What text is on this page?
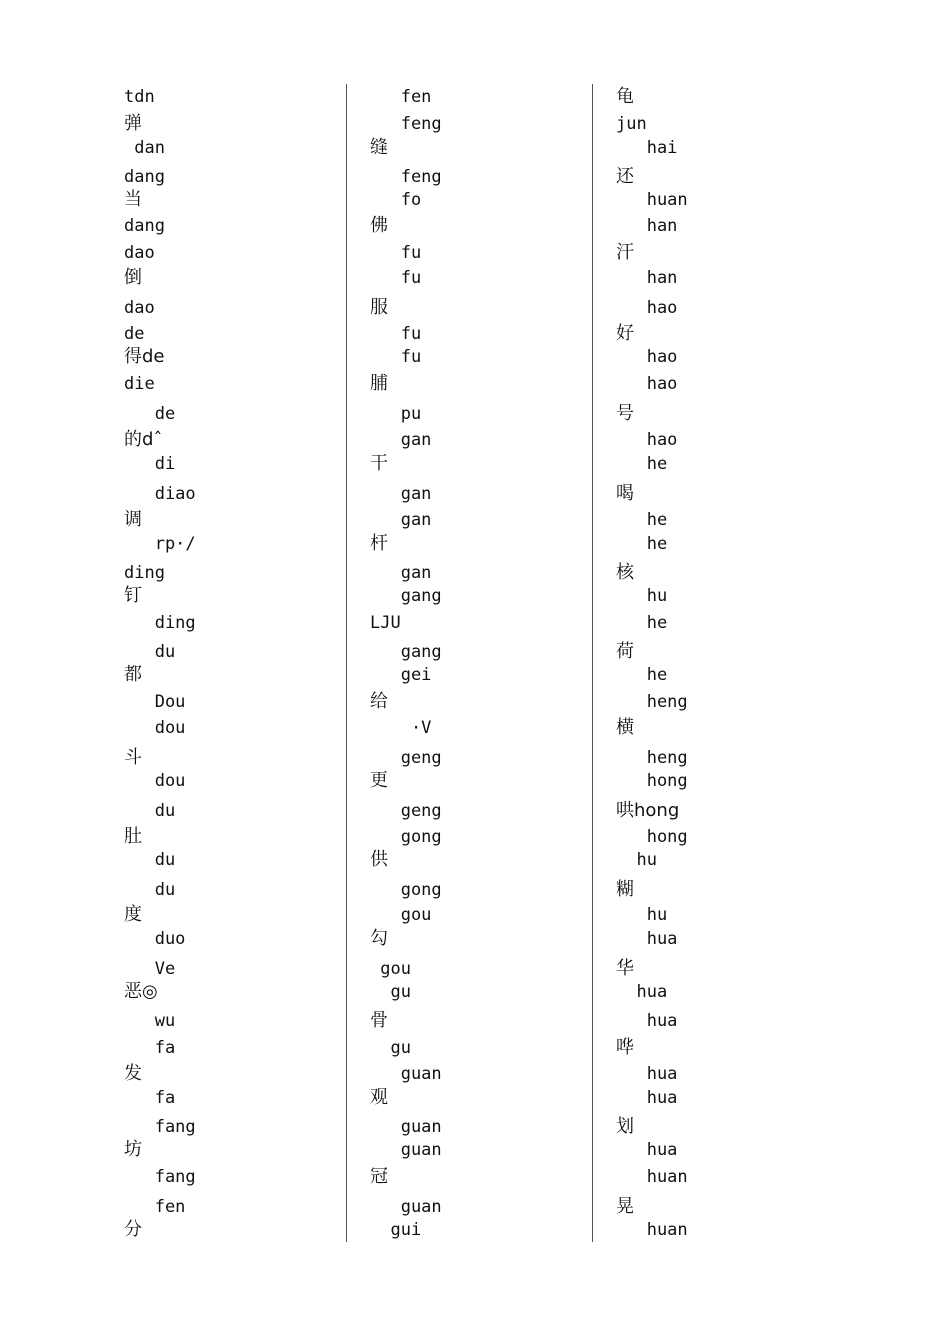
tdn
弹
dan
dang
当
dang
dao
倒
dao
de
得de
die
de
的dˆ
di
diao
调
rp·/
ding
钉
ding
du
都
Dou
dou
斗
dou
du
肚
du
du
度
duo
Ve
恶◎
wu
fa
发
fa
fang
坊
fang
fen
分
fen
feng
缝
feng
fo
佛
fu
fu
服
fu
fu
脯
pu
gan
干
gan
gan
杆
gan
gang
LJU
gang
gei
给
·V
geng
更
geng
gong
供
gong
gou
勾
gou
gu
骨
gu
guan
观
guan
guan
冠
guan
gui
龟
jun
hai
还
huan
han
汗
han
hao
好
hao
hao
号
hao
he
喝
he
he
核
hu
he
荷
he
heng
横
heng
hong
哄hong
hong
hu
糊
hu
hua
华
hua
hua
哗
hua
hua
划
hua
huan
晃
huan
